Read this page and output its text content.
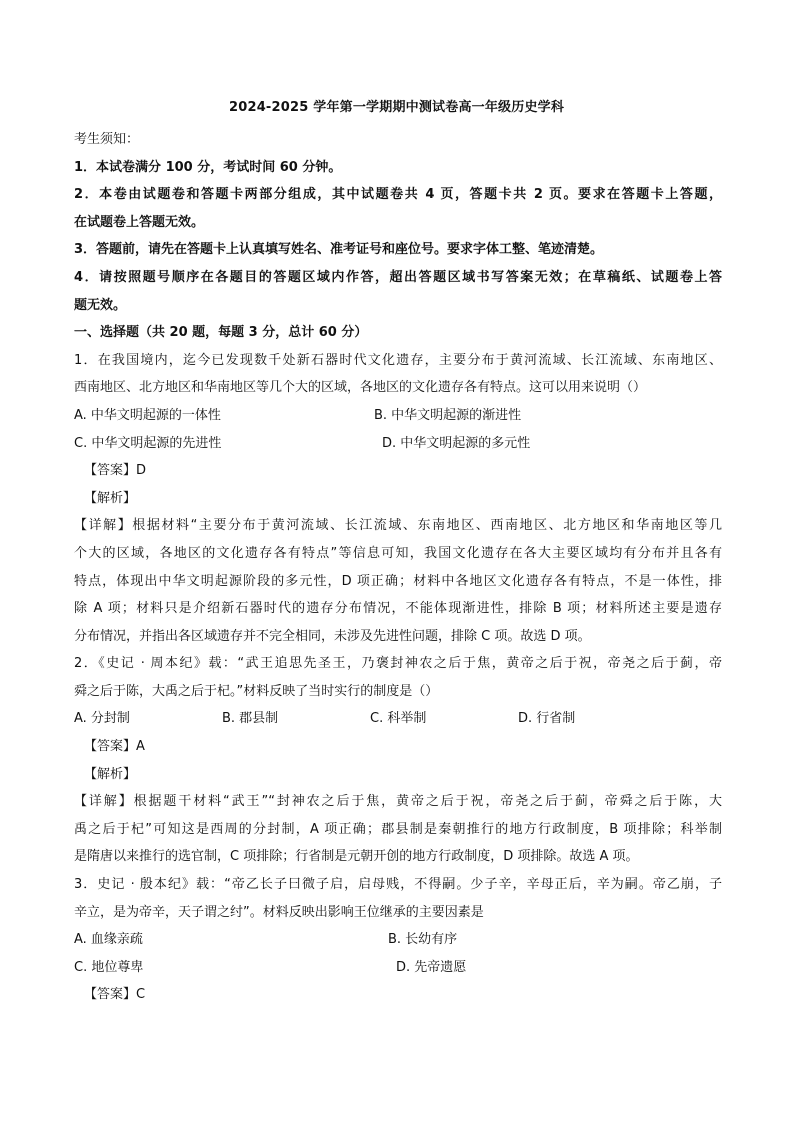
2024-2025 学年第一学期期中测试卷高一年级历史学科
考生须知：
1．本试卷满分 100 分，考试时间 60 分钟。
2．本卷由试题卷和答题卡两部分组成，其中试题卷共 4 页，答题卡共 2 页。要求在答题卡上答题，
在试题卷上答题无效。
3．答题前，请先在答题卡上认真填写姓名、准考证号和座位号。要求字体工整、笔迹清楚。
4．请按照题号顺序在各题目的答题区域内作答，超出答题区域书写答案无效；在草稿纸、试题卷上答
题无效。
一、选择题（共 20 题，每题 3 分，总计 60 分）
1．在我国境内，迄今已发现数千处新石器时代文化遗存，主要分布于黄河流域、长江流域、东南地区、
西南地区、北方地区和华南地区等几个大的区域，各地区的文化遗存各有特点。这可以用来说明（）
A. 中华文明起源的一体性	B. 中华文明起源的渐进性
C. 中华文明起源的先进性	D. 中华文明起源的多元性
【答案】D
【解析】
【详解】根据材料“主要分布于黄河流域、长江流域、东南地区、西南地区、北方地区和华南地区等几
个大的区域，各地区的文化遗存各有特点”等信息可知，我国文化遗存在各大主要区域均有分布并且各有
特点，体现出中华文明起源阶段的多元性，D 项正确；材料中各地区文化遗存各有特点，不是一体性，排
除 A 项；材料只是介绍新石器时代的遗存分布情况，不能体现渐进性，排除 B 项；材料所述主要是遗存
分布情况，并指出各区域遗存并不完全相同，未涉及先进性问题，排除 C 项。故选 D 项。
2．《史记 · 周本纪》载：“武王追思先圣王，乃褒封神农之后于焦，黄帝之后于祝，帝尧之后于蓟，帝
舜之后于陈，大禹之后于杞。”材料反映了当时实行的制度是（）
A. 分封制	B. 郡县制	C. 科举制	D. 行省制
【答案】A
【解析】
【详解】根据题干材料“武王”“封神农之后于焦，黄帝之后于祝，帝尧之后于蓟，帝舜之后于陈，大
禹之后于杞”可知这是西周的分封制，A 项正确；郡县制是秦朝推行的地方行政制度，B 项排除；科举制
是隋唐以来推行的选官制，C 项排除；行省制是元朝开创的地方行政制度，D 项排除。故选 A 项。
3．史记 · 殷本纪》载：“帝乙长子曰微子启，启母贱，不得嗣。少子辛，辛母正后，辛为嗣。帝乙崩，子
辛立，是为帝辛，天子谓之纣”。材料反映出影响王位继承的主要因素是
A. 血缘亲疏	B. 长幼有序
C. 地位尊卑	D. 先帝遗愿
【答案】C
